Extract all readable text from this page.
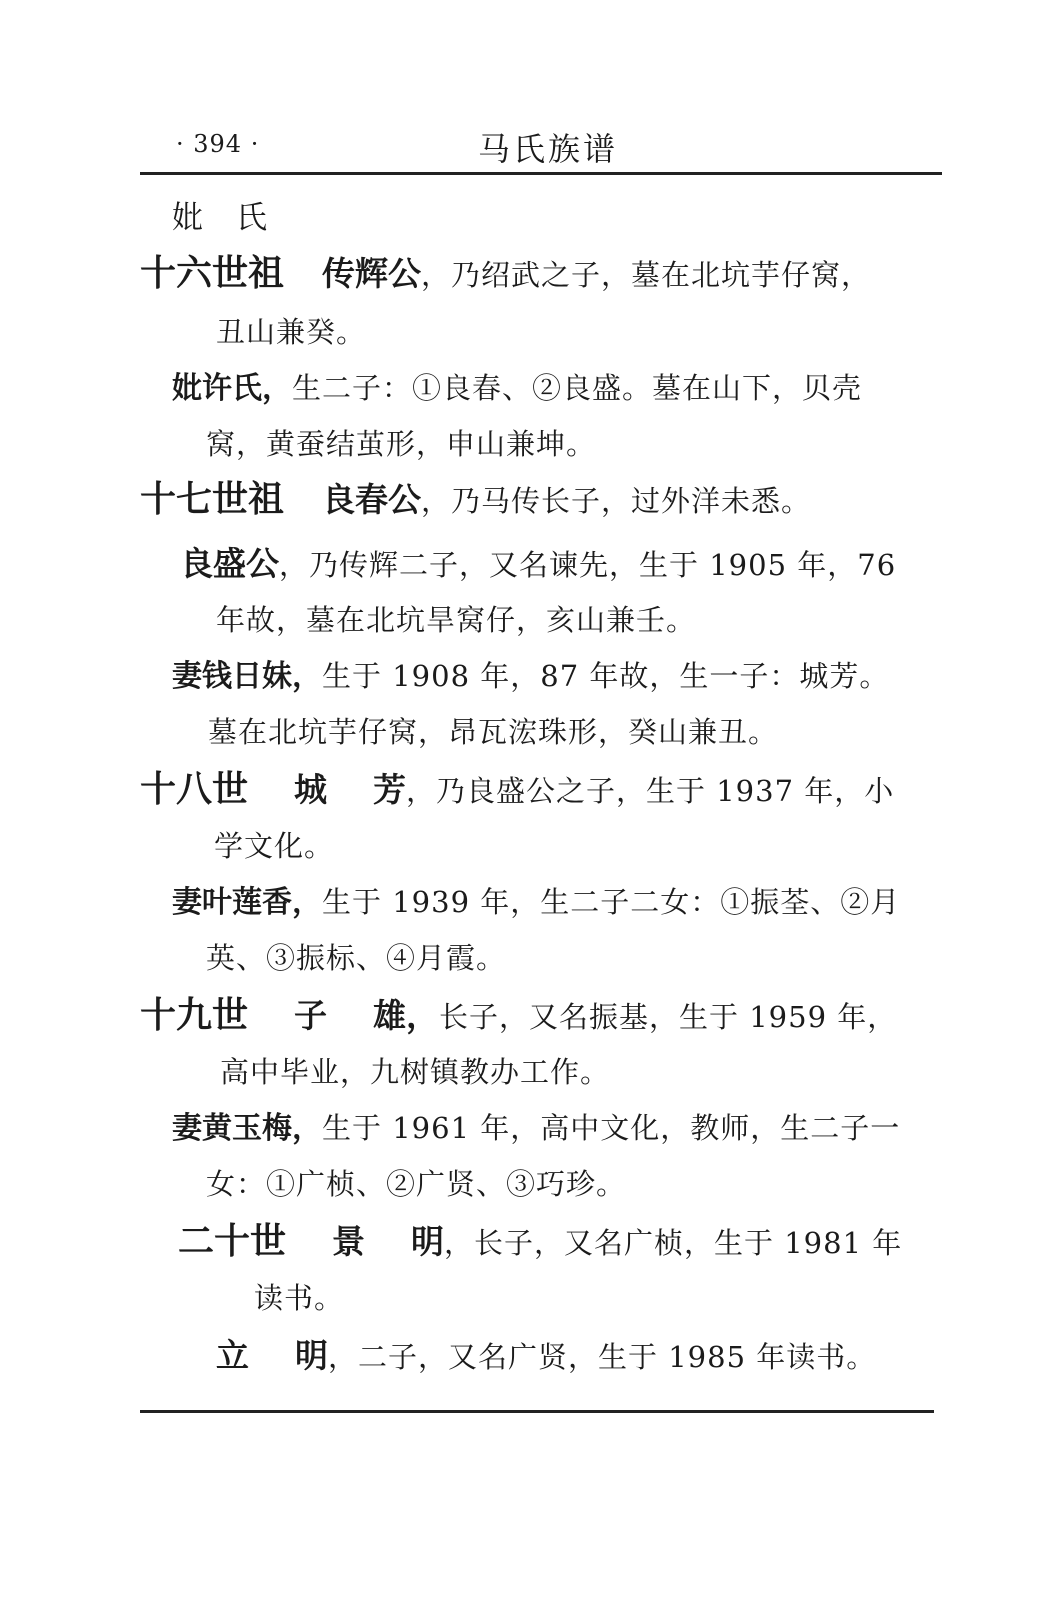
· 394 ·	马氏族谱
妣　氏
十六世祖 传辉公，乃绍武之子，墓在北坑芋仔窝，
丑山兼癸。
妣许氏，生二子：①良春、②良盛。墓在山下，贝壳
窝，黄蚕结茧形，申山兼坤。
十七世祖 良春公，乃马传长子，过外洋未悉。
良盛公，乃传辉二子，又名谏先，生于 1905 年，76
年故，墓在北坑旱窝仔，亥山兼壬。
妻钱日妹，生于 1908 年，87 年故，生一子：城芳。
墓在北坑芋仔窝，昂瓦浤珠形，癸山兼丑。
十八世 城 芳，乃良盛公之子，生于 1937 年，小
学文化。
妻叶莲香，生于 1939 年，生二子二女：①振荃、②月
英、③振标、④月霞。
十九世 子 雄，长子，又名振基，生于 1959 年，
高中毕业，九树镇教办工作。
妻黄玉梅，生于 1961 年，高中文化，教师，生二子一
女：①广桢、②广贤、③巧珍。
二十世 景 明，长子，又名广桢，生于 1981 年
读书。
立 明，二子，又名广贤，生于 1985 年读书。
